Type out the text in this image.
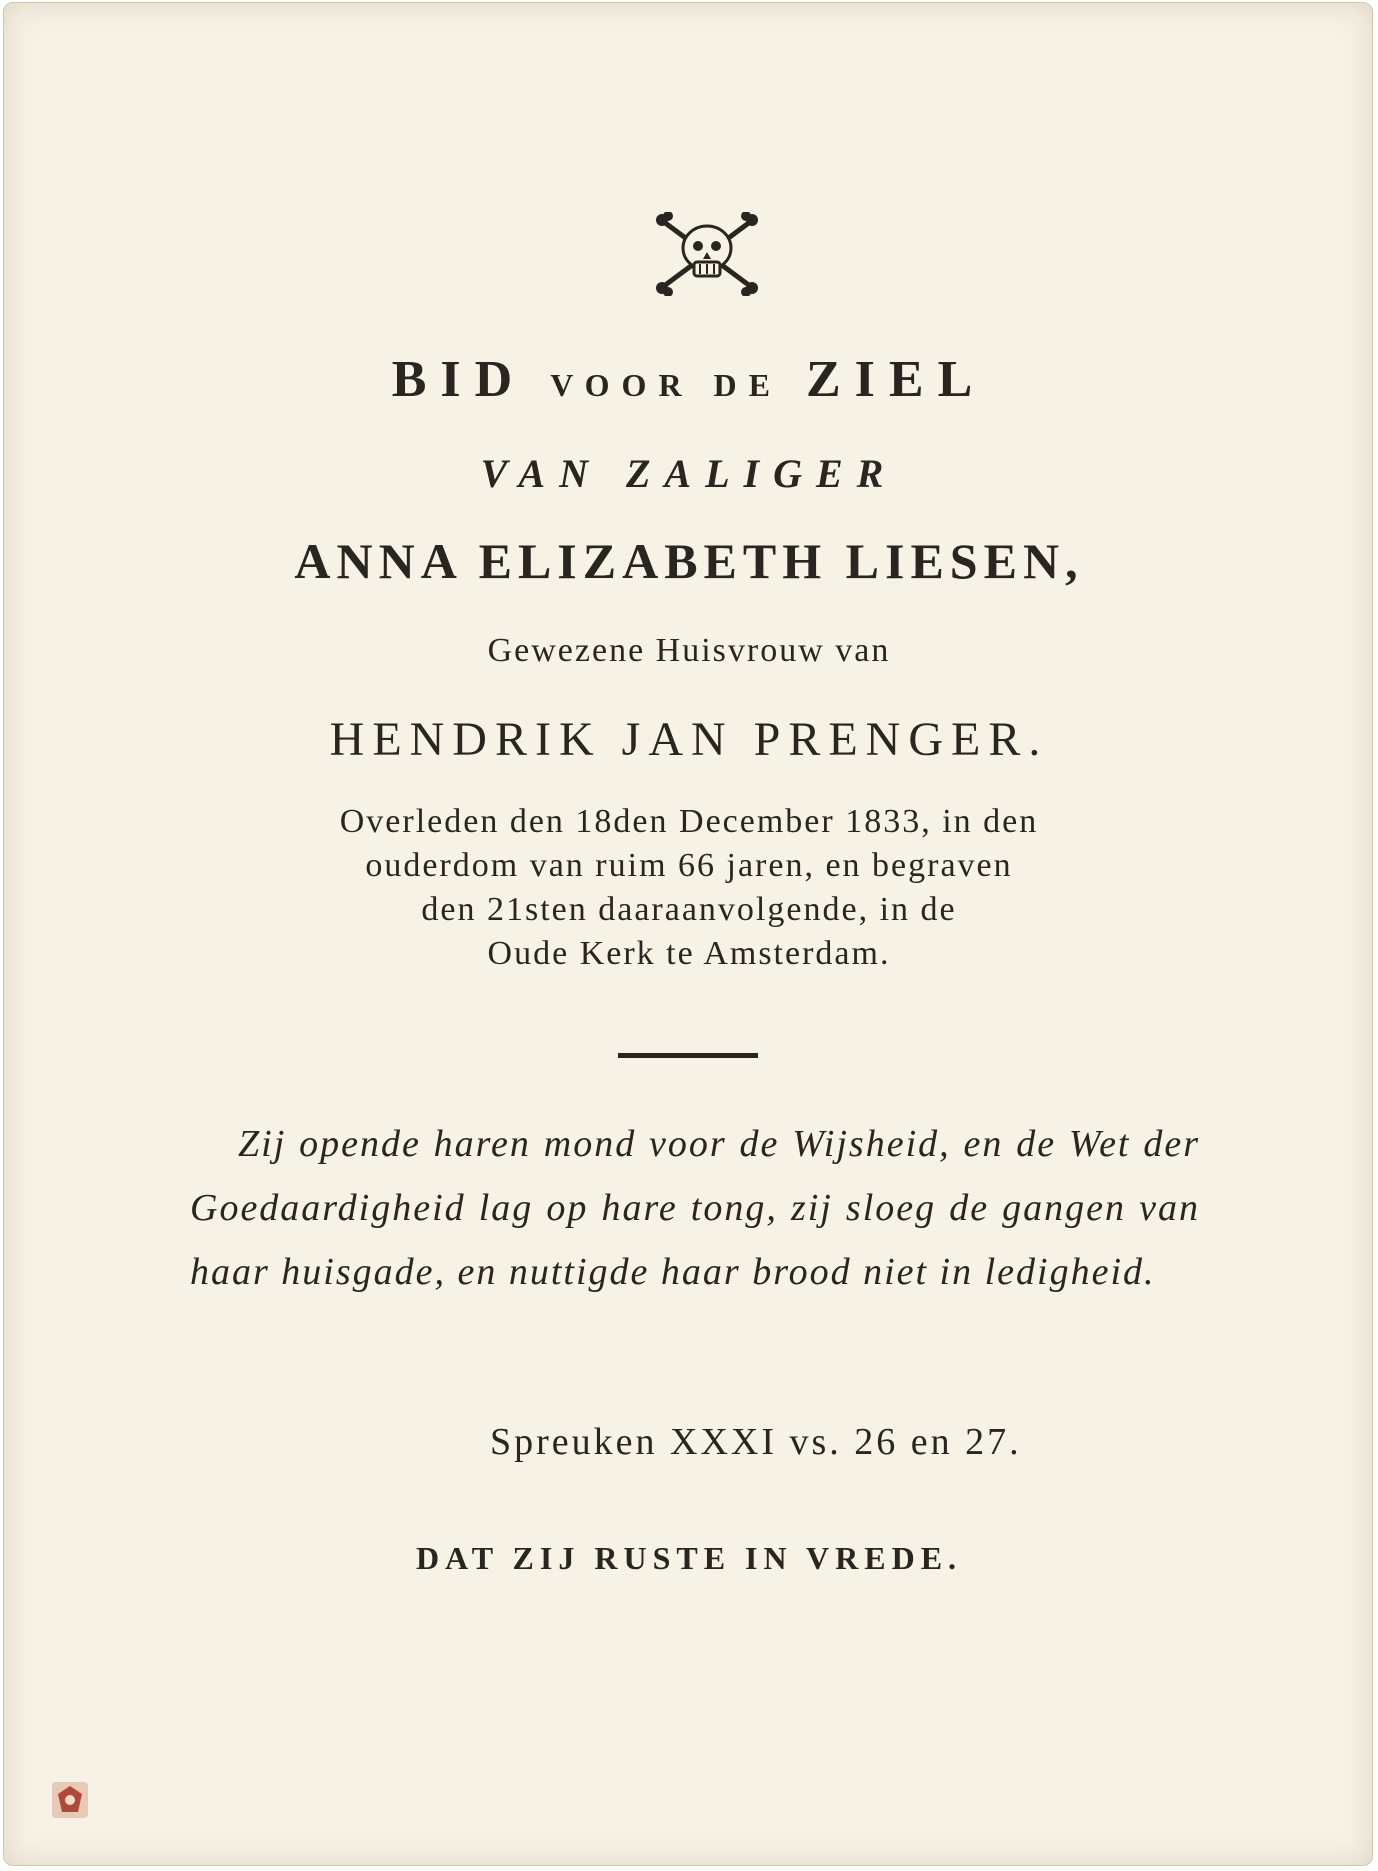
BID VOOR DE ZIEL
VAN ZALIGER
ANNA ELIZABETH LIESEN,
Gewezene Huisvrouw van
HENDRIK JAN PRENGER.
Overleden den 18den December 1833, in den
ouderdom van ruim 66 jaren, en begraven
den 21sten daaraanvolgende, in de
Oude Kerk te Amsterdam.
Zij opende haren mond voor de Wijsheid, en de Wet der Goedaardigheid lag op hare tong, zij sloeg de gangen van haar huisgade, en nuttigde haar brood niet in ledigheid.
Spreuken XXXI vs. 26 en 27.
DAT ZIJ RUSTE IN VREDE.
